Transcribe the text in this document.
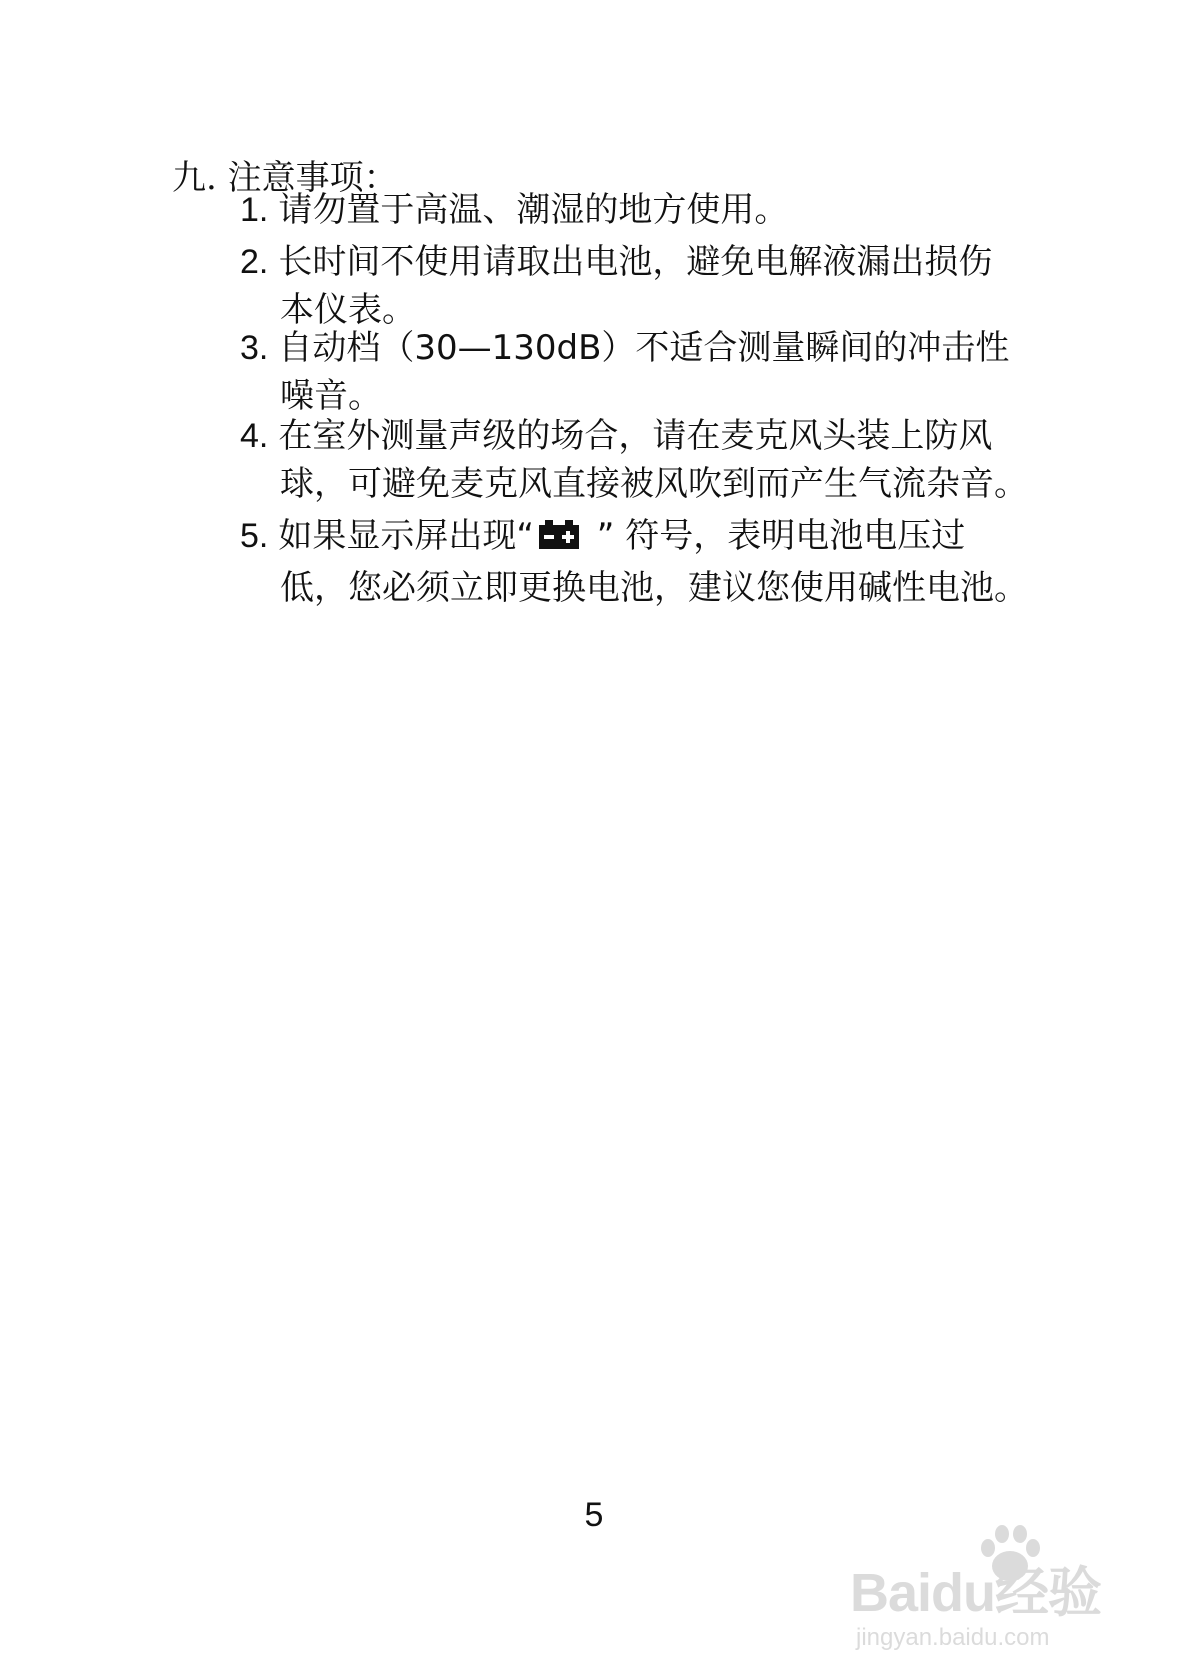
九. 注意事项：
1. 请勿置于高温、潮湿的地方使用。
2. 长时间不使用请取出电池，避免电解液漏出损伤
本仪表。
3. 自动档（30—130dB）不适合测量瞬间的冲击性
噪音。
4. 在室外测量声级的场合，请在麦克风头装上防风
球，可避免麦克风直接被风吹到而产生气流杂音。
5. 如果显示屏出现“ ” 符号，表明电池电压过
低，您必须立即更换电池，建议您使用碱性电池。
5
Baidu经验
jingyan.baidu.com
